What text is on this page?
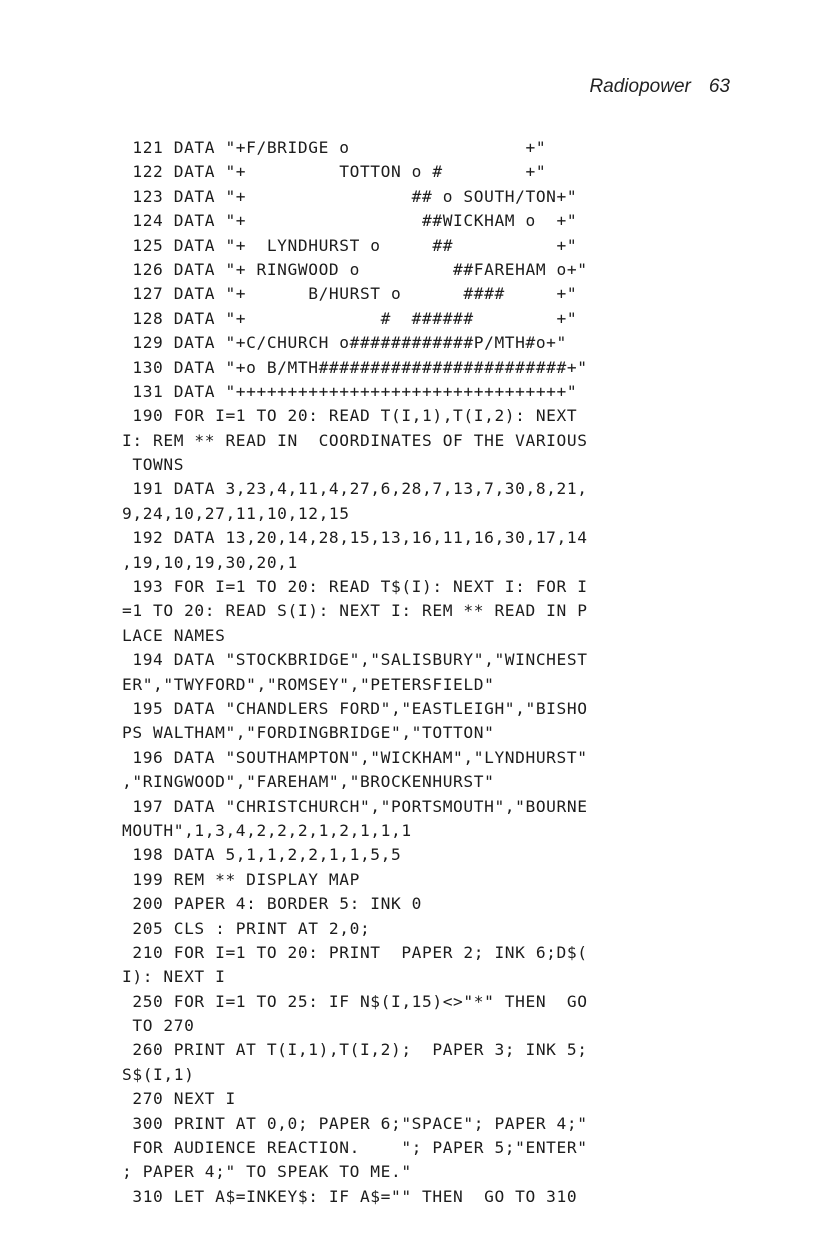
Radiopower 63
121 DATA "+F/BRIDGE o                 +"
122 DATA "+         TOTTON o #        +"
123 DATA "+                ## o SOUTH/TON+"
124 DATA "+                 ##WICKHAM o  +"
125 DATA "+  LYNDHURST o     ##          +"
126 DATA "+ RINGWOOD o         ##FAREHAM o+"
127 DATA "+      B/HURST o      ####     +"
128 DATA "+             #  ######        +"
129 DATA "+C/CHURCH o############P/MTH#o+"
130 DATA "+o B/MTH########################+"
131 DATA "++++++++++++++++++++++++++++++++"
190 FOR I=1 TO 20: READ T(I,1),T(I,2): NEXT
I: REM ** READ IN  COORDINATES OF THE VARIOUS
TOWNS
191 DATA 3,23,4,11,4,27,6,28,7,13,7,30,8,21,
9,24,10,27,11,10,12,15
192 DATA 13,20,14,28,15,13,16,11,16,30,17,14
,19,10,19,30,20,1
193 FOR I=1 TO 20: READ T$(I): NEXT I: FOR I
=1 TO 20: READ S(I): NEXT I: REM ** READ IN P
LACE NAMES
194 DATA "STOCKBRIDGE","SALISBURY","WINCHEST
ER","TWYFORD","ROMSEY","PETERSFIELD"
195 DATA "CHANDLERS FORD","EASTLEIGH","BISHO
PS WALTHAM","FORDINGBRIDGE","TOTTON"
196 DATA "SOUTHAMPTON","WICKHAM","LYNDHURST"
,"RINGWOOD","FAREHAM","BROCKENHURST"
197 DATA "CHRISTCHURCH","PORTSMOUTH","BOURNE
MOUTH",1,3,4,2,2,2,1,2,1,1,1
198 DATA 5,1,1,2,2,1,1,5,5
199 REM ** DISPLAY MAP
200 PAPER 4: BORDER 5: INK 0
205 CLS : PRINT AT 2,0;
210 FOR I=1 TO 20: PRINT  PAPER 2; INK 6;D$(
I): NEXT I
250 FOR I=1 TO 25: IF N$(I,15)<>"*" THEN  GO
TO 270
260 PRINT AT T(I,1),T(I,2);  PAPER 3; INK 5;
S$(I,1)
270 NEXT I
300 PRINT AT 0,0; PAPER 6;"SPACE"; PAPER 4;"
FOR AUDIENCE REACTION.    "; PAPER 5;"ENTER"
; PAPER 4;" TO SPEAK TO ME."
310 LET A$=INKEY$: IF A$="" THEN  GO TO 310
